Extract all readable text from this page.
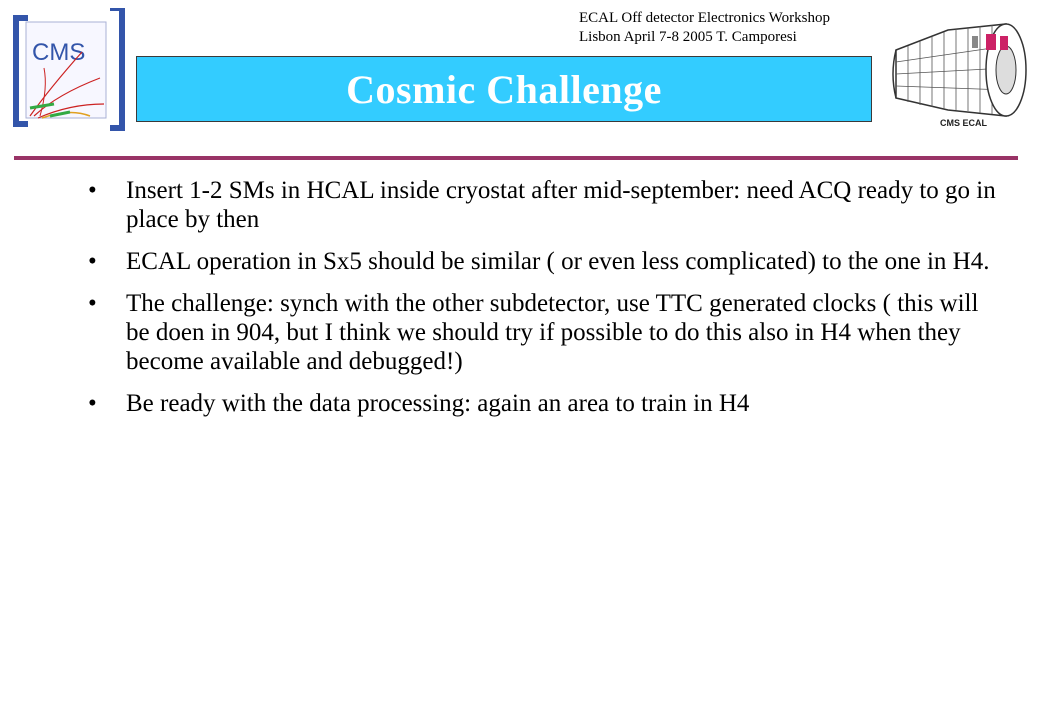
CMS
ECAL Off detector Electronics Workshop
Lisbon April 7-8 2005 T. Camporesi
Cosmic Challenge
CMS ECAL
• Insert 1-2 SMs in HCAL inside cryostat after mid-september: need ACQ ready to go in place by then
• ECAL operation in Sx5 should be similar ( or even less complicated) to the one in H4.
• The challenge: synch with the other subdetector, use TTC generated clocks ( this will be doen in 904, but I think we should try if possible to do this also in H4 when they become available and debugged!)
• Be ready with the data processing: again an area to train in H4
